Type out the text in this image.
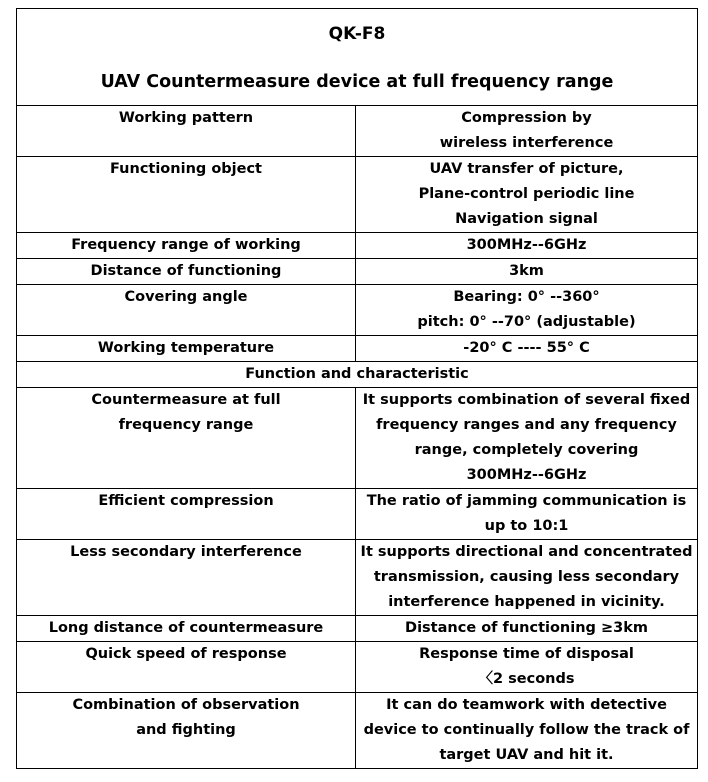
QK-F8
UAV Countermeasure device at full frequency range	

Working pattern	Compression by
wireless interference

Functioning object	UAV transfer of picture,
Plane-control periodic line
Navigation signal

Frequency range of working	300MHz--6GHz

Distance of functioning	3km

Covering angle	Bearing: 0° --360°
pitch: 0° --70° (adjustable)

Working temperature	-20° C ---- 55° C

Function and characteristic	

Countermeasure at full
frequency range	It supports combination of several fixed
frequency ranges and any frequency
range, completely covering
300MHz--6GHz

Efficient compression	The ratio of jamming communication is
up to 10:1

Less secondary interference	It supports directional and concentrated
transmission, causing less secondary
interference happened in vicinity.

Long distance of countermeasure	Distance of functioning ≥3km

Quick speed of response	Response time of disposal
〈2 seconds

Combination of observation
and fighting	It can do teamwork with detective
device to continually follow the track of
target UAV and hit it.
